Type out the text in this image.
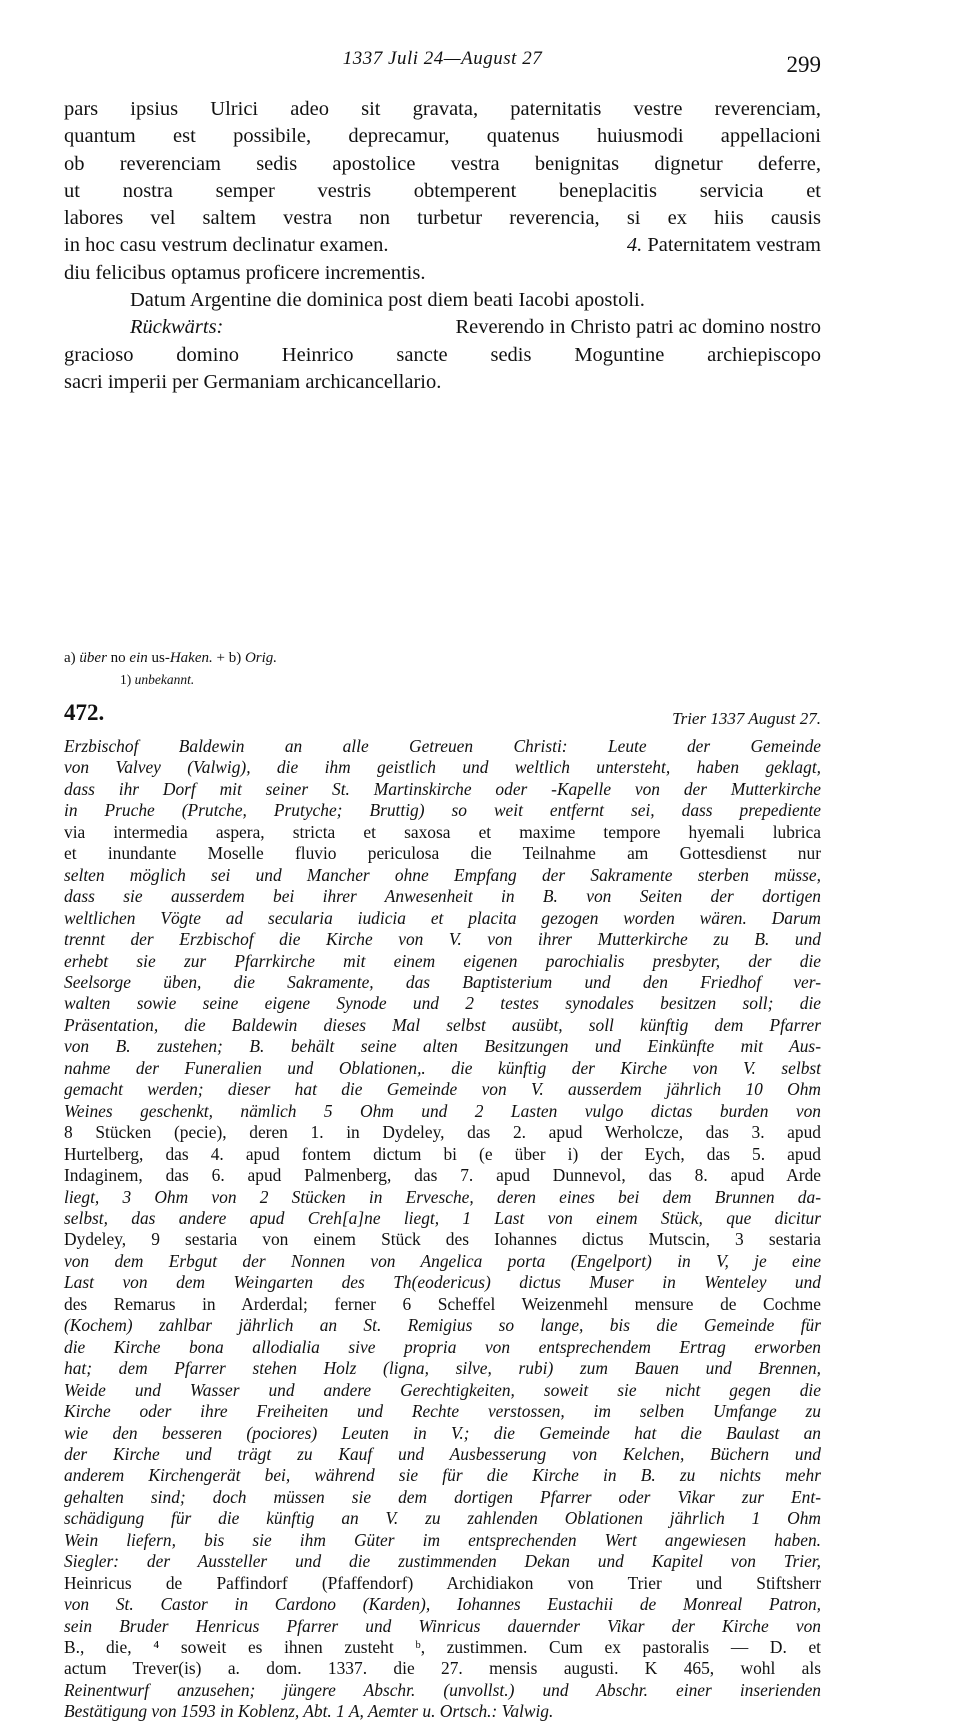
1337 Juli 24—August 27	299
pars ipsius Ulrici adeo sit gravata, paternitatis vestre reverenciam,
quantum est possibile, deprecamur, quatenus huiusmodi appellacioni
ob reverenciam sedis apostolice vestra benignitas dignetur deferre,
ut nostra semper vestris obtemperent beneplacitis servicia et
labores vel saltem vestra non turbetur reverencia, si ex hiis causis
in hoc casu vestrum declinatur examen.	4. Paternitatem vestram
diu felicibus optamus proficere incrementis.
Datum Argentine die dominica post diem beati Iacobi apostoli.
Rückwärts:	Reverendo in Christo patri ac domino nostro
gracioso domino Heinrico sancte sedis Moguntine archiepiscopo
sacri imperii per Germaniam archicancellario.
a) über no ein us-Haken. + b) Orig.
1) unbekannt.
472.	Trier 1337 August 27.
Erzbischof Baldewin an alle Getreuen Christi: Leute der Gemeinde
von Valvey (Valwig), die ihm geistlich und weltlich untersteht, haben geklagt,
dass ihr Dorf mit seiner St. Martinskirche oder -Kapelle von der Mutterkirche
in Pruche (Prutche, Prutyche; Bruttig) so weit entfernt sei, dass prepediente
via intermedia aspera, stricta et saxosa et maxime tempore hyemali lubrica
et inundante Moselle fluvio periculosa die Teilnahme am Gottesdienst nur
selten möglich sei und Mancher ohne Empfang der Sakramente sterben müsse,
dass sie ausserdem bei ihrer Anwesenheit in B. von Seiten der dortigen
weltlichen Vögte ad secularia iudicia et placita gezogen worden wären. Darum
trennt der Erzbischof die Kirche von V. von ihrer Mutterkirche zu B. und
erhebt sie zur Pfarrkirche mit einem eigenen parochialis presbyter, der die
Seelsorge üben, die Sakramente, das Baptisterium und den Friedhof ver-
walten sowie seine eigene Synode und 2 testes synodales besitzen soll; die
Präsentation, die Baldewin dieses Mal selbst ausübt, soll künftig dem Pfarrer
von B. zustehen; B. behält seine alten Besitzungen und Einkünfte mit Aus-
nahme der Funeralien und Oblationen,. die künftig der Kirche von V. selbst
gemacht werden; dieser hat die Gemeinde von V. ausserdem jährlich 10 Ohm
Weines geschenkt, nämlich 5 Ohm und 2 Lasten vulgo dictas burden von
8 Stücken (pecie), deren 1. in Dydeley, das 2. apud Werholcze, das 3. apud
Hurtelberg, das 4. apud fontem dictum bi (e über i) der Eych, das 5. apud
Indaginem, das 6. apud Palmenberg, das 7. apud Dunnevol, das 8. apud Arde
liegt, 3 Ohm von 2 Stücken in Ervesche, deren eines bei dem Brunnen da-
selbst, das andere apud Creh[a]ne liegt, 1 Last von einem Stück, que dicitur
Dydeley, 9 sestaria von einem Stück des Iohannes dictus Mutscin, 3 sestaria
von dem Erbgut der Nonnen von Angelica porta (Engelport) in V, je eine
Last von dem Weingarten des Th(eodericus) dictus Muser in Wenteley und
des Remarus in Arderdal; ferner 6 Scheffel Weizenmehl mensure de Cochme
(Kochem) zahlbar jährlich an St. Remigius so lange, bis die Gemeinde für
die Kirche bona allodialia sive propria von entsprechendem Ertrag erworben
hat; dem Pfarrer stehen Holz (ligna, silve, rubi) zum Bauen und Brennen,
Weide und Wasser und andere Gerechtigkeiten, soweit sie nicht gegen die
Kirche oder ihre Freiheiten und Rechte verstossen, im selben Umfange zu
wie den besseren (pociores) Leuten in V.; die Gemeinde hat die Baulast an
der Kirche und trägt zu Kauf und Ausbesserung von Kelchen, Büchern und
anderem Kirchengerät bei, während sie für die Kirche in B. zu nichts mehr
gehalten sind; doch müssen sie dem dortigen Pfarrer oder Vikar zur Ent-
schädigung für die künftig an V. zu zahlenden Oblationen jährlich 1 Ohm
Wein liefern, bis sie ihm Güter im entsprechenden Wert angewiesen haben.
Siegler: der Aussteller und die zustimmenden Dekan und Kapitel von Trier,
Heinricus de Paffindorf (Pfaffendorf) Archidiakon von Trier und Stiftsherr
von St. Castor in Cardono (Karden), Iohannes Eustachii de Monreal Patron,
sein Bruder Henricus Pfarrer und Winricus dauernder Vikar der Kirche von
B., die, ⁴ soweit es ihnen zusteht ᵇ, zustimmen. Cum ex pastoralis — D. et
actum Trever(is) a. dom. 1337. die 27. mensis augusti. K 465, wohl als
Reinentwurf anzusehen; jüngere Abschr. (unvollst.) und Abschr. einer inserienden
Bestätigung von 1593 in Koblenz, Abt. 1 A, Aemter u. Ortsch.: Valwig.
